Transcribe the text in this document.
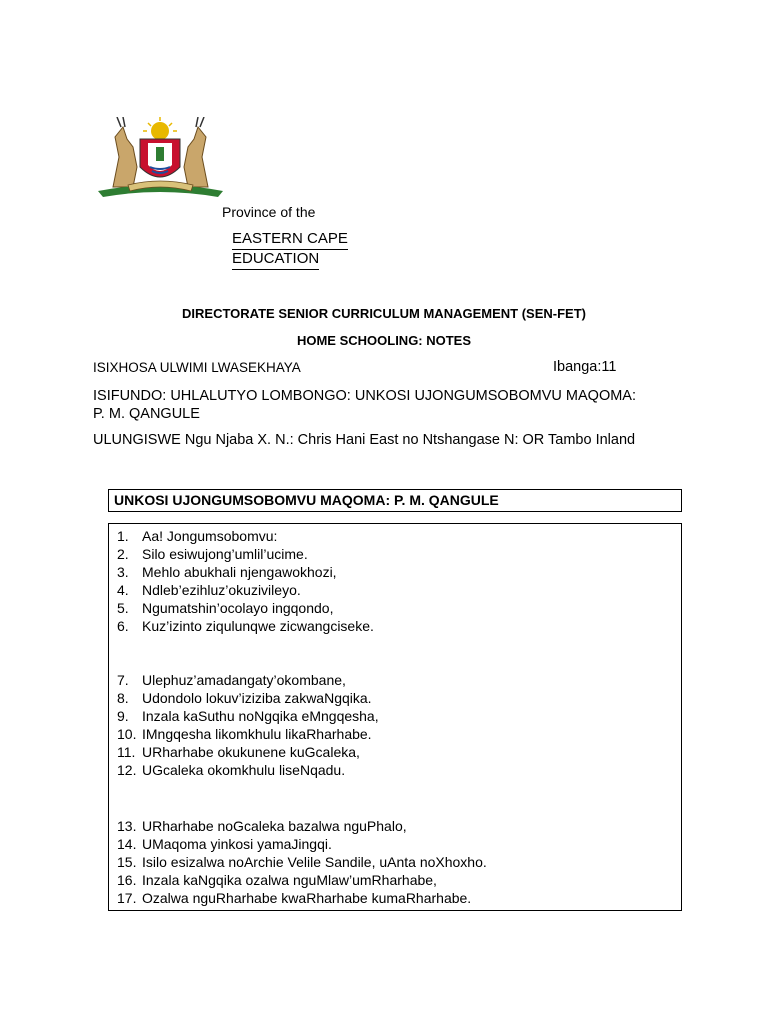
Province of the
EASTERN CAPE
EDUCATION
DIRECTORATE SENIOR CURRICULUM MANAGEMENT (SEN-FET)
HOME SCHOOLING: NOTES
ISIXHOSA ULWIMI LWASEKHAYA	Ibanga:11
ISIFUNDO: UHLALUTYO LOMBONGO: UNKOSI UJONGUMSOBOMVU MAQOMA:
P. M. QANGULE
ULUNGISWE Ngu Njaba X. N.: Chris Hani East no Ntshangase N: OR Tambo Inland
UNKOSI UJONGUMSOBOMVU MAQOMA: P. M. QANGULE
1. Aa! Jongumsobomvu:
2. Silo esiwujong’umlil’ucime.
3. Mehlo abukhali njengawokhozi,
4. Ndleb’ezihluz’okuzivileyo.
5. Ngumatshin’ocolayo ingqondo,
6. Kuz’izinto ziqulunqwe zicwangciseke.
7. Ulephuz’amadangaty’okombane,
8. Udondolo lokuv’iziziba zakwaNgqika.
9. Inzala kaSuthu noNgqika eMngqesha,
10. IMngqesha likomkhulu likaRharhabe.
11. URharhabe okukunene kuGcaleka,
12. UGcaleka okomkhulu liseNqadu.
13. URharhabe noGcaleka bazalwa nguPhalo,
14. UMaqoma yinkosi yamaJingqi.
15. Isilo esizalwa noArchie Velile Sandile, uAnta noXhoxho.
16. Inzala kaNgqika ozalwa nguMlaw’umRharhabe,
17. Ozalwa nguRharhabe kwaRharhabe kumaRharhabe.
